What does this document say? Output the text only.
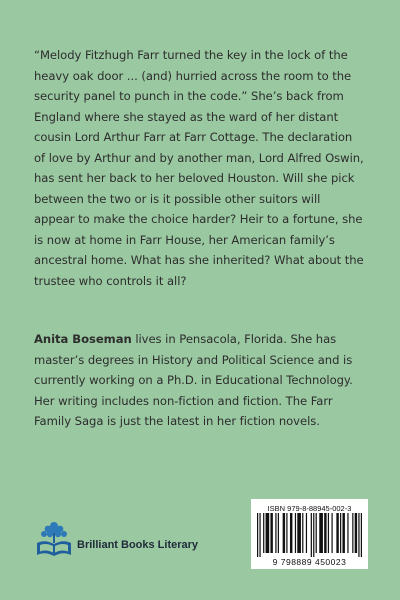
“Melody Fitzhugh Farr turned the key in the lock of the heavy oak door ... (and) hurried across the room to the security panel to punch in the code.” She’s back from England where she stayed as the ward of her distant cousin Lord Arthur Farr at Farr Cottage. The declaration of love by Arthur and by another man, Lord Alfred Oswin, has sent her back to her beloved Houston. Will she pick between the two or is it possible other suitors will appear to make the choice harder? Heir to a fortune, she is now at home in Farr House, her American family’s ancestral home. What has she inherited? What about the trustee who controls it all?

Anita Boseman lives in Pensacola, Florida. She has master’s degrees in History and Political Science and is currently working on a Ph.D. in Educational Technology. Her writing includes non-fiction and fiction. The Farr Family Saga is just the latest in her fiction novels.

Brilliant Books Literary
ISBN 979-8-88945-002-3
9 798889 450023
